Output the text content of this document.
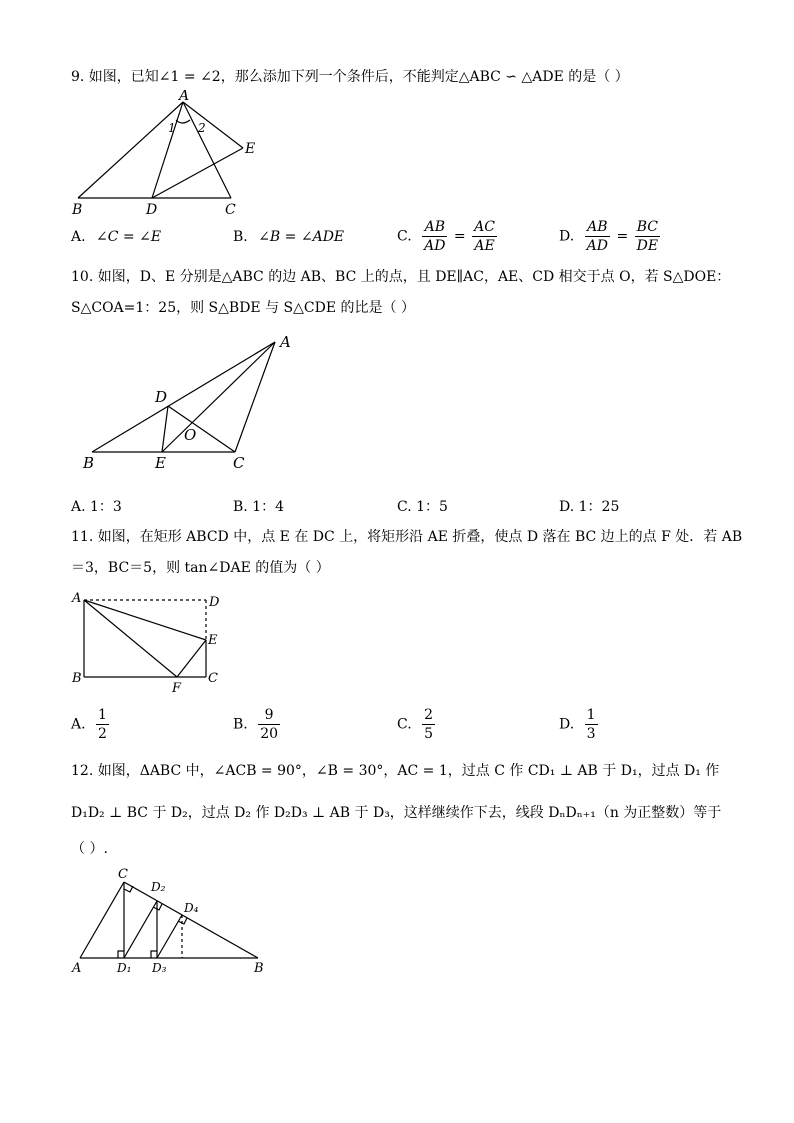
9. 如图，已知∠1 = ∠2，那么添加下列一个条件后，不能判定△ABC ∽ △ADE 的是（ ）
A
B	D	C
E
1 2
A. ∠C = ∠E	B. ∠B = ∠ADE	C. $\frac{AB}{AD} = \frac{AC}{AE}$	D. $\frac{AB}{AD} = \frac{BC}{DE}$
10. 如图，D、E 分别是△ABC 的边 AB、BC 上的点，且 DE∥AC，AE、CD 相交于点 O，若 S△DOE：
S△COA=1：25，则 S△BDE 与 S△CDE 的比是（ ）
A
D
O
B	E	C
A. 1：3	B. 1：4	C. 1：5	D. 1：25
11. 如图，在矩形 ABCD 中，点 E 在 DC 上，将矩形沿 AE 折叠，使点 D 落在 BC 边上的点 F 处．若 AB
＝3，BC＝5，则 tan∠DAE 的值为（ ）
A	D
E
B	C
F
A. $\frac{1}{2}$	B. $\frac{9}{20}$	C. $\frac{2}{5}$	D. $\frac{1}{3}$
12. 如图，ΔABC 中，∠ACB = 90°，∠B = 30°，AC = 1，过点 C 作 CD₁ ⊥ AB 于 D₁，过点 D₁ 作
D₁D₂ ⊥ BC 于 D₂，过点 D₂ 作 D₂D₃ ⊥ AB 于 D₃，这样继续作下去，线段 DₙDₙ₊₁（n 为正整数）等于
（ ）.
C
D₂
D₄
A	D₁ D₃	B
